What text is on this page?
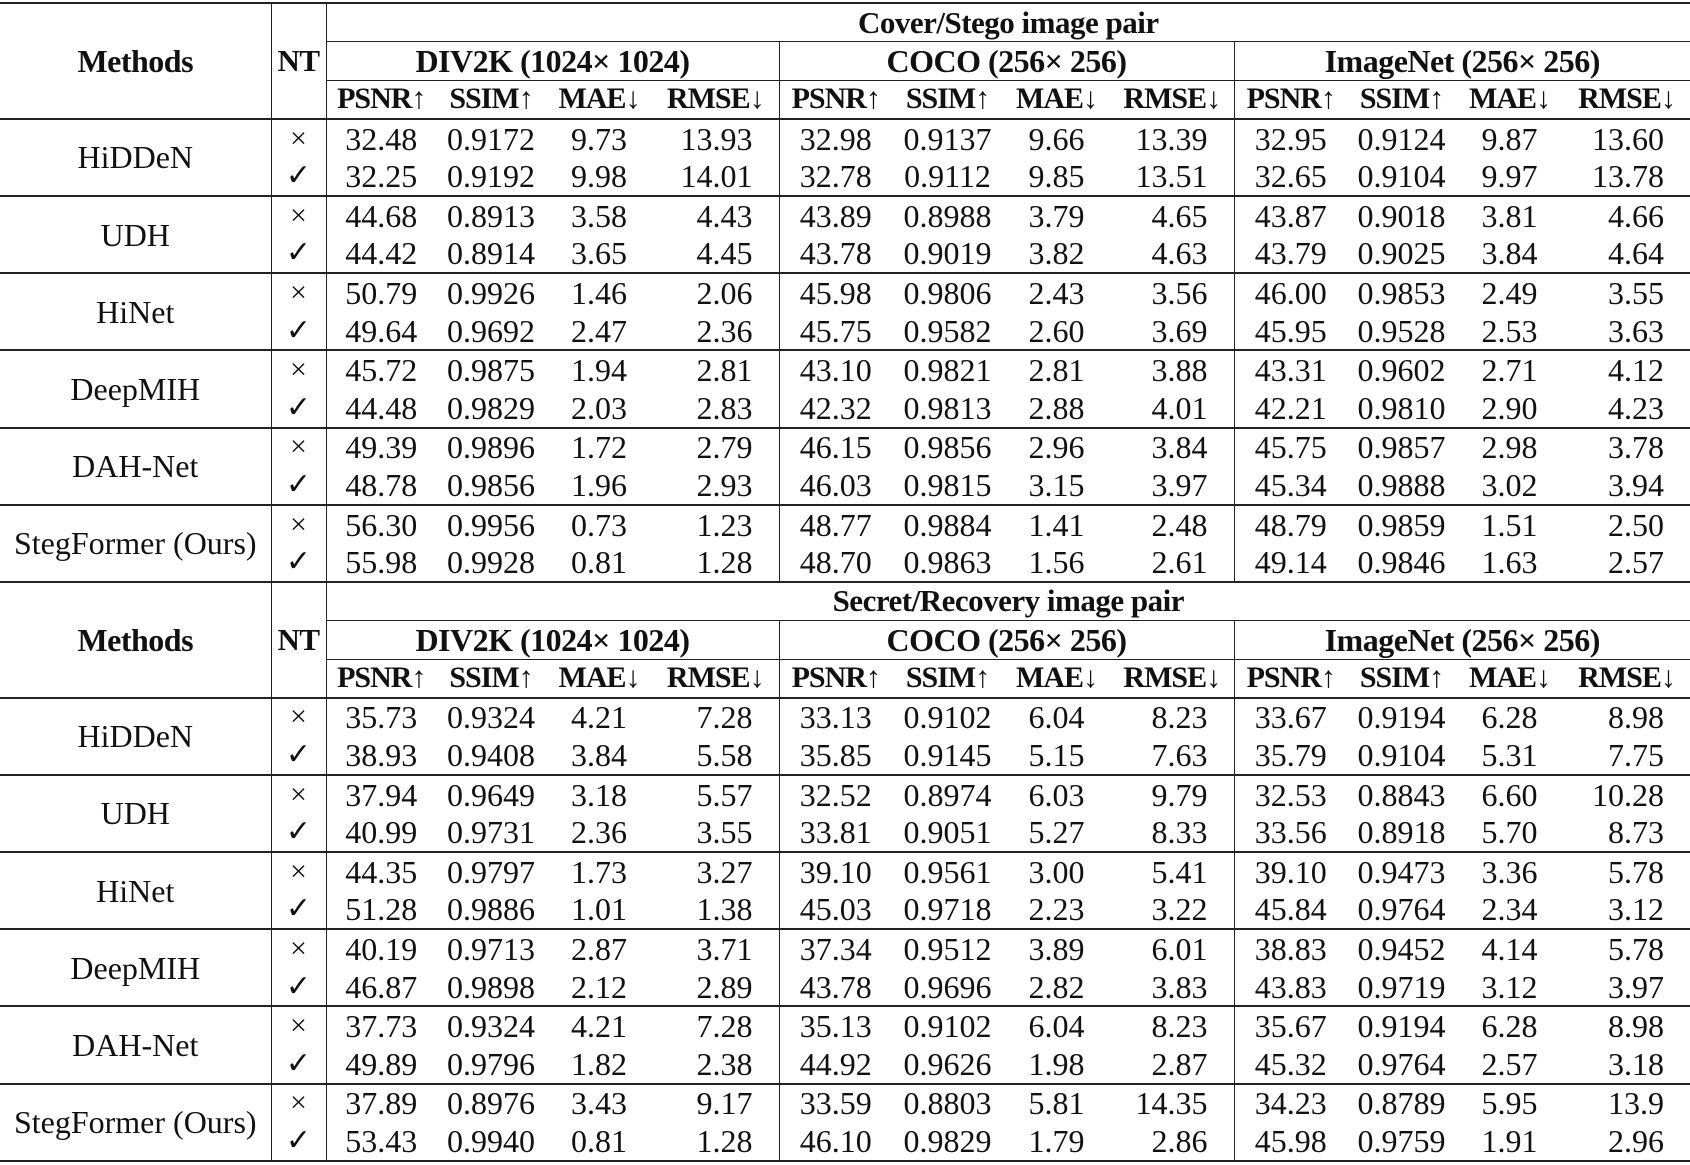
Methods	NT	Cover/Stego image pair											
		DIV2K (1024× 1024)				COCO (256× 256)				ImageNet (256× 256)			
		PSNR↑	SSIM↑	MAE↓	RMSE↓	PSNR↑	SSIM↑	MAE↓	RMSE↓	PSNR↑	SSIM↑	MAE↓	RMSE↓
HiDDeN	×	32.48	0.9172	9.73	13.93	32.98	0.9137	9.66	13.39	32.95	0.9124	9.87	13.60
	✓	32.25	0.9192	9.98	14.01	32.78	0.9112	9.85	13.51	32.65	0.9104	9.97	13.78
UDH	×	44.68	0.8913	3.58	4.43	43.89	0.8988	3.79	4.65	43.87	0.9018	3.81	4.66
	✓	44.42	0.8914	3.65	4.45	43.78	0.9019	3.82	4.63	43.79	0.9025	3.84	4.64
HiNet	×	50.79	0.9926	1.46	2.06	45.98	0.9806	2.43	3.56	46.00	0.9853	2.49	3.55
	✓	49.64	0.9692	2.47	2.36	45.75	0.9582	2.60	3.69	45.95	0.9528	2.53	3.63
DeepMIH	×	45.72	0.9875	1.94	2.81	43.10	0.9821	2.81	3.88	43.31	0.9602	2.71	4.12
	✓	44.48	0.9829	2.03	2.83	42.32	0.9813	2.88	4.01	42.21	0.9810	2.90	4.23
DAH-Net	×	49.39	0.9896	1.72	2.79	46.15	0.9856	2.96	3.84	45.75	0.9857	2.98	3.78
	✓	48.78	0.9856	1.96	2.93	46.03	0.9815	3.15	3.97	45.34	0.9888	3.02	3.94
StegFormer (Ours)	×	56.30	0.9956	0.73	1.23	48.77	0.9884	1.41	2.48	48.79	0.9859	1.51	2.50
	✓	55.98	0.9928	0.81	1.28	48.70	0.9863	1.56	2.61	49.14	0.9846	1.63	2.57
Methods	NT	Secret/Recovery image pair											
		DIV2K (1024× 1024)				COCO (256× 256)				ImageNet (256× 256)			
		PSNR↑	SSIM↑	MAE↓	RMSE↓	PSNR↑	SSIM↑	MAE↓	RMSE↓	PSNR↑	SSIM↑	MAE↓	RMSE↓
HiDDeN	×	35.73	0.9324	4.21	7.28	33.13	0.9102	6.04	8.23	33.67	0.9194	6.28	8.98
	✓	38.93	0.9408	3.84	5.58	35.85	0.9145	5.15	7.63	35.79	0.9104	5.31	7.75
UDH	×	37.94	0.9649	3.18	5.57	32.52	0.8974	6.03	9.79	32.53	0.8843	6.60	10.28
	✓	40.99	0.9731	2.36	3.55	33.81	0.9051	5.27	8.33	33.56	0.8918	5.70	8.73
HiNet	×	44.35	0.9797	1.73	3.27	39.10	0.9561	3.00	5.41	39.10	0.9473	3.36	5.78
	✓	51.28	0.9886	1.01	1.38	45.03	0.9718	2.23	3.22	45.84	0.9764	2.34	3.12
DeepMIH	×	40.19	0.9713	2.87	3.71	37.34	0.9512	3.89	6.01	38.83	0.9452	4.14	5.78
	✓	46.87	0.9898	2.12	2.89	43.78	0.9696	2.82	3.83	43.83	0.9719	3.12	3.97
DAH-Net	×	37.73	0.9324	4.21	7.28	35.13	0.9102	6.04	8.23	35.67	0.9194	6.28	8.98
	✓	49.89	0.9796	1.82	2.38	44.92	0.9626	1.98	2.87	45.32	0.9764	2.57	3.18
StegFormer (Ours)	×	37.89	0.8976	3.43	9.17	33.59	0.8803	5.81	14.35	34.23	0.8789	5.95	13.9
	✓	53.43	0.9940	0.81	1.28	46.10	0.9829	1.79	2.86	45.98	0.9759	1.91	2.96
